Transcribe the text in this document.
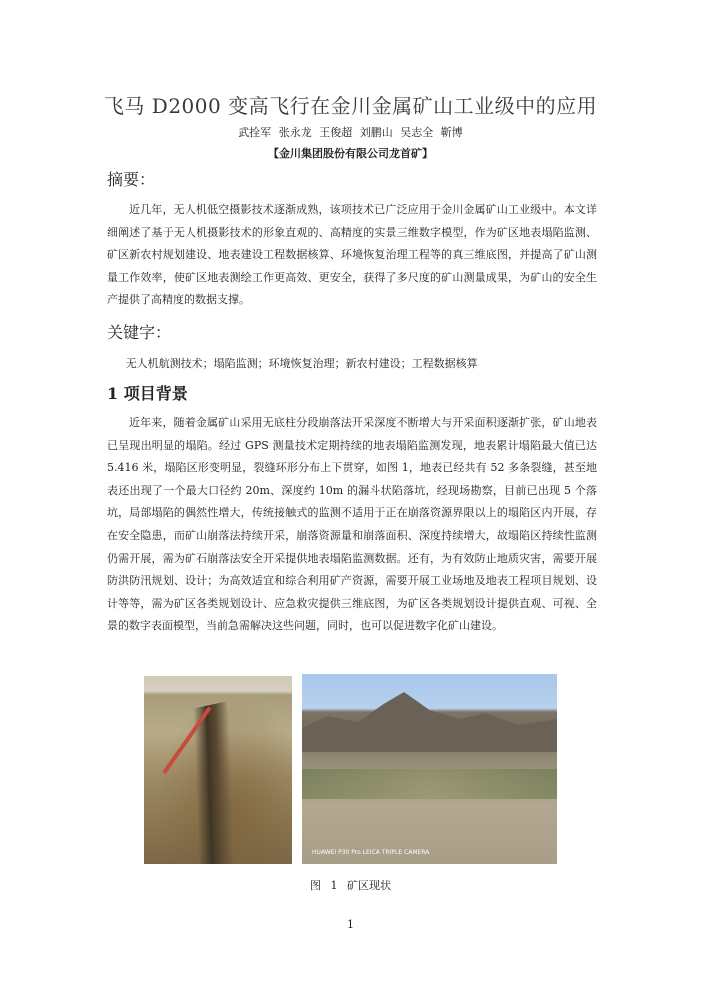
飞马 D2000 变高飞行在金川金属矿山工业级中的应用
武拴军 张永龙 王俊超 刘鹏山 吴志全 靳博
【金川集团股份有限公司龙首矿】
摘要：
近几年，无人机低空摄影技术逐渐成熟，该项技术已广泛应用于金川金属矿山工业级中。本文详细阐述了基于无人机摄影技术的形象直观的、高精度的实景三维数字模型，作为矿区地表塌陷监测、矿区新农村规划建设、地表建设工程数据核算、环境恢复治理工程等的真三维底图，并提高了矿山测量工作效率，使矿区地表测绘工作更高效、更安全，获得了多尺度的矿山测量成果，为矿山的安全生产提供了高精度的数据支撑。
关键字：
无人机航测技术；塌陷监测；环境恢复治理；新农村建设；工程数据核算
1 项目背景
近年来，随着金属矿山采用无底柱分段崩落法开采深度不断增大与开采面积逐渐扩张，矿山地表已呈现出明显的塌陷。经过 GPS 测量技术定期持续的地表塌陷监测发现，地表累计塌陷最大值已达 5.416 米，塌陷区形变明显，裂缝环形分布上下贯穿，如图 1，地表已经共有 52 多条裂缝，甚至地表还出现了一个最大口径约 20m、深度约 10m 的漏斗状陷落坑，经现场勘察，目前已出现 5 个落坑，局部塌陷的偶然性增大，传统接触式的监测不适用于正在崩落资源界限以上的塌陷区内开展，存在安全隐患，而矿山崩落法持续开采，崩落资源量和崩落面积、深度持续增大，故塌陷区持续性监测仍需开展，需为矿石崩落法安全开采提供地表塌陷监测数据。还有，为有效防止地质灾害，需要开展防洪防汛规划、设计；为高效适宜和综合利用矿产资源，需要开展工业场地及地表工程项目规划、设计等等，需为矿区各类规划设计、应急救灾提供三维底图，为矿区各类规划设计提供直观、可视、全景的数字表面模型，当前急需解决这些问题，同时，也可以促进数字化矿山建设。
HUAWEI P30 Pro LEICA TRIPLE CAMERA
图 1 矿区现状
1
